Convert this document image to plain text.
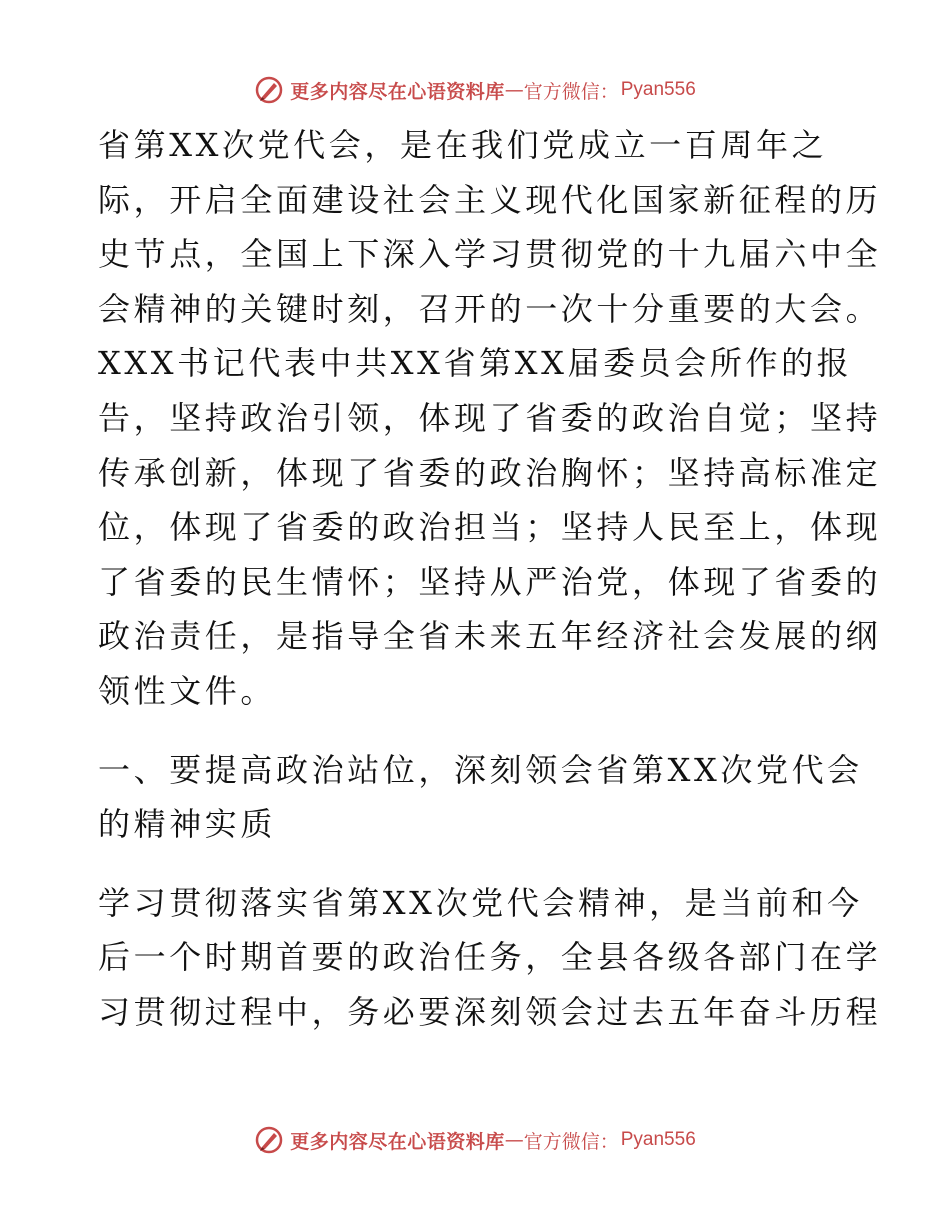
更多内容尽在心语资料库 — 官方微信： Pyan556
省第XX次党代会，是在我们党成立一百周年之
际，开启全面建设社会主义现代化国家新征程的历
史节点，全国上下深入学习贯彻党的十九届六中全
会精神的关键时刻，召开的一次十分重要的大会。
XXX书记代表中共XX省第XX届委员会所作的报
告，坚持政治引领，体现了省委的政治自觉；坚持
传承创新，体现了省委的政治胸怀；坚持高标准定
位，体现了省委的政治担当；坚持人民至上，体现
了省委的民生情怀；坚持从严治党，体现了省委的
政治责任，是指导全省未来五年经济社会发展的纲
领性文件。
一、要提高政治站位，深刻领会省第XX次党代会
的精神实质
学习贯彻落实省第XX次党代会精神，是当前和今
后一个时期首要的政治任务，全县各级各部门在学
习贯彻过程中，务必要深刻领会过去五年奋斗历程
更多内容尽在心语资料库 — 官方微信： Pyan556
